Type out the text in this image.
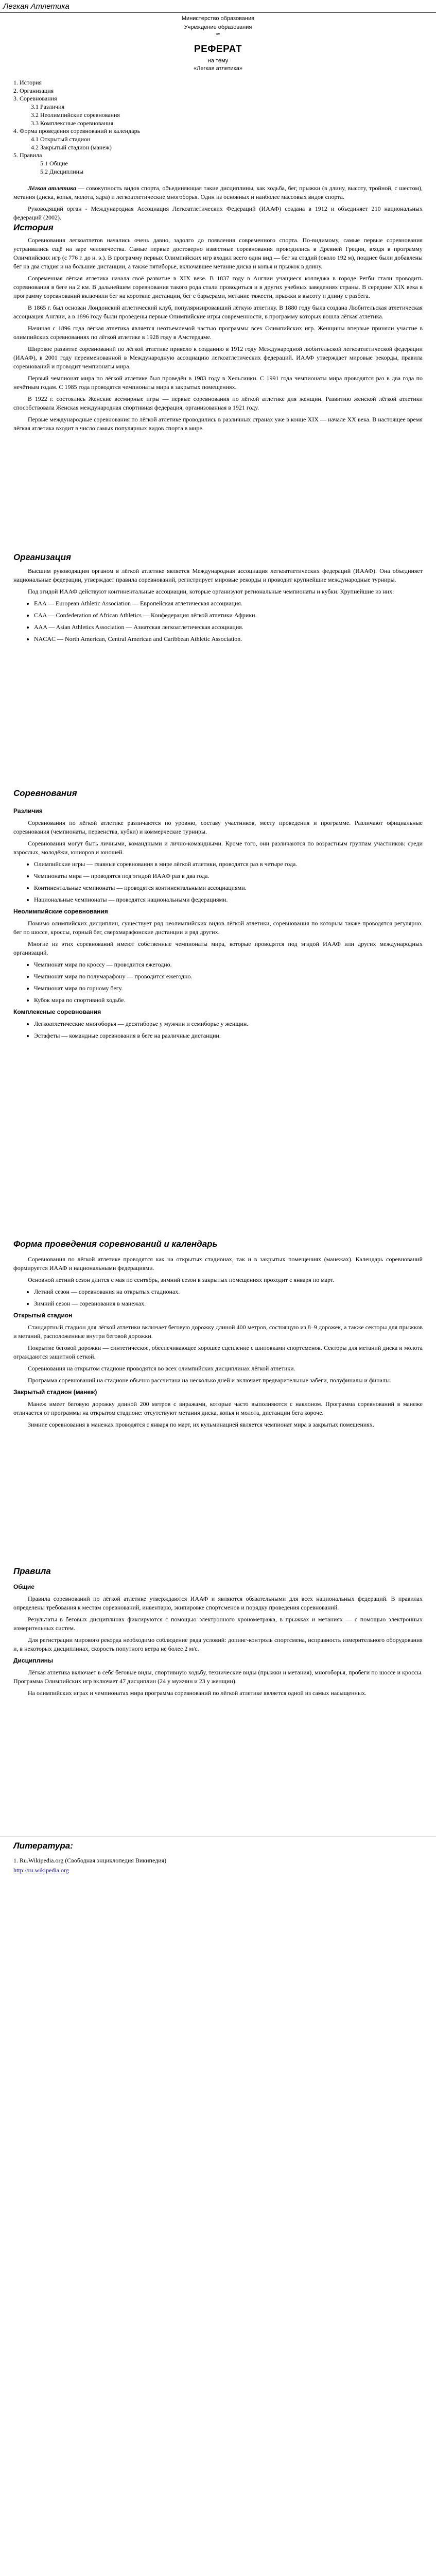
Легкая Атлетика
Министерство образования
Учреждение образования
“”
РЕФЕРАТ
на тему
«Легкая атлетика»
1. История
2. Организация
3. Соревнования
3.1 Различия
3.2 Неолимпийские соревнования
3.3 Комплексные соревнования
4. Форма проведения соревнований и календарь
4.1 Открытый стадион
4.2 Закрытый стадион (манеж)
5. Правила
5.1 Общие
5.2 Дисциплины

Лёгкая атлетика — совокупность видов спорта, объединяющая такие дисциплины, как ходьба, бег, прыжки (в длину, высоту, тройной, с шестом), метания (диска, копья, молота, ядра) и легкоатлетические многоборья. Один из основных и наиболее массовых видов спорта.

Руководящий орган - Международная Ассоциация Легкоатлетических Федераций (ИААФ) создана в 1912 и объединяет 210 национальных федераций (2002).

История

Соревнования легкоатлетов начались очень давно, задолго до появления современного спорта. По-видимому, самые первые соревнования устраивались ещё на заре человечества. Самые первые достоверно известные соревнования проводились в Древней Греции, входя в программу Олимпийских игр (с 776 г. до н. э.). В программу первых Олимпийских игр входил всего один вид — бег на стадий (около 192 м), позднее были добавлены бег на два стадия и на большие дистанции, а также пятиборье, включавшее метание диска и копья и прыжок в длину.

Современная лёгкая атлетика начала своё развитие в XIX веке. В 1837 году в Англии учащиеся колледжа в городе Регби стали проводить соревнования в беге на 2 км. В дальнейшем соревнования такого рода стали проводиться и в других учебных заведениях страны. В середине XIX века в программу соревнований включили бег на короткие дистанции, бег с барьерами, метание тяжести, прыжки в высоту и длину с разбега.

В 1865 г. был основан Лондонский атлетический клуб, популяризировавший лёгкую атлетику. В 1880 году была создана Любительская атлетическая ассоциация Англии, а в 1896 году были проведены первые Олимпийские игры современности, в программу которых вошла лёгкая атлетика.

Начиная с 1896 года лёгкая атлетика является неотъемлемой частью программы всех Олимпийских игр. Женщины впервые приняли участие в олимпийских соревнованиях по лёгкой атлетике в 1928 году в Амстердаме.

Широкое развитие соревнований по лёгкой атлетике привело к созданию в 1912 году Международной любительской легкоатлетической федерации (ИААФ), в 2001 году переименованной в Международную ассоциацию легкоатлетических федераций. ИААФ утверждает мировые рекорды, правила соревнований и проводит чемпионаты мира.

Первый чемпионат мира по лёгкой атлетике был проведён в 1983 году в Хельсинки. С 1991 года чемпионаты мира проводятся раз в два года по нечётным годам. С 1985 года проводятся чемпионаты мира в закрытых помещениях.

В 1922 г. состоялись Женские всемирные игры — первые соревнования по лёгкой атлетике для женщин. Развитию женской лёгкой атлетики способствовала Женская международная спортивная федерация, организованная в 1921 году.

Первые международные соревнования по лёгкой атлетике проводились в различных странах уже в конце XIX — начале XX века. В настоящее время лёгкая атлетика входит в число самых популярных видов спорта в мире.

Организация

Высшим руководящим органом в лёгкой атлетике является Международная ассоциация легкоатлетических федераций (ИААФ). Она объединяет национальные федерации, утверждает правила соревнований, регистрирует мировые рекорды и проводит крупнейшие международные турниры.

Под эгидой ИААФ действуют континентальные ассоциации, которые организуют региональные чемпионаты и кубки. Крупнейшие из них:

• EAA — European Athletic Association — Европейская атлетическая ассоциация.
• CAA — Confederation of African Athletics — Конфедерация лёгкой атлетики Африки.
• AAA — Asian Athletics Association — Азиатская легкоатлетическая ассоциация.
• NACAC — North American, Central American and Caribbean Athletic Association.
Соревнования
Различия

Соревнования по лёгкой атлетике различаются по уровню, составу участников, месту проведения и программе. Различают официальные соревнования (чемпионаты, первенства, кубки) и коммерческие турниры.

Соревнования могут быть личными, командными и лично-командными. Кроме того, они различаются по возрастным группам участников: среди взрослых, молодёжи, юниоров и юношей.

• Олимпийские игры — главные соревнования в мире лёгкой атлетики, проводятся раз в четыре года.
• Чемпионаты мира — проводятся под эгидой ИААФ раз в два года.
• Континентальные чемпионаты — проводятся континентальными ассоциациями.
• Национальные чемпионаты — проводятся национальными федерациями.
Неолимпийские соревнования

Помимо олимпийских дисциплин, существует ряд неолимпийских видов лёгкой атлетики, соревнования по которым также проводятся регулярно: бег по шоссе, кроссы, горный бег, сверхмарафонские дистанции и ряд других.

Многие из этих соревнований имеют собственные чемпионаты мира, которые проводятся под эгидой ИААФ или других международных организаций.

• Чемпионат мира по кроссу — проводится ежегодно.
• Чемпионат мира по полумарафону — проводится ежегодно.
• Чемпионат мира по горному бегу.
• Кубок мира по спортивной ходьбе.
Комплексные соревнования
• Легкоатлетические многоборья — десятиборье у мужчин и семиборье у женщин.
• Эстафеты — командные соревнования в беге на различные дистанции.
Форма проведения соревнований и календарь

Соревнования по лёгкой атлетике проводятся как на открытых стадионах, так и в закрытых помещениях (манежах). Календарь соревнований формируется ИААФ и национальными федерациями.

Основной летний сезон длится с мая по сентябрь, зимний сезон в закрытых помещениях проходит с января по март.

• Летний сезон — соревнования на открытых стадионах.
• Зимний сезон — соревнования в манежах.
Открытый стадион

Стандартный стадион для лёгкой атлетики включает беговую дорожку длиной 400 метров, состоящую из 8–9 дорожек, а также секторы для прыжков и метаний, расположенные внутри беговой дорожки.

Покрытие беговой дорожки — синтетическое, обеспечивающее хорошее сцепление с шиповками спортсменов. Секторы для метаний диска и молота ограждаются защитной сеткой.

Соревнования на открытом стадионе проводятся во всех олимпийских дисциплинах лёгкой атлетики.

Программа соревнований на стадионе обычно рассчитана на несколько дней и включает предварительные забеги, полуфиналы и финалы.

Закрытый стадион (манеж)

Манеж имеет беговую дорожку длиной 200 метров с виражами, которые часто выполняются с наклоном. Программа соревнований в манеже отличается от программы на открытом стадионе: отсутствуют метания диска, копья и молота, дистанции бега короче.

Зимние соревнования в манежах проводятся с января по март, их кульминацией является чемпионат мира в закрытых помещениях.

Правила
Общие

Правила соревнований по лёгкой атлетике утверждаются ИААФ и являются обязательными для всех национальных федераций. В правилах определены требования к местам соревнований, инвентарю, экипировке спортсменов и порядку проведения соревнований.

Результаты в беговых дисциплинах фиксируются с помощью электронного хронометража, в прыжках и метаниях — с помощью электронных измерительных систем.

Для регистрации мирового рекорда необходимо соблюдение ряда условий: допинг-контроль спортсмена, исправность измерительного оборудования и, в некоторых дисциплинах, скорость попутного ветра не более 2 м/с.

Дисциплины

Лёгкая атлетика включает в себя беговые виды, спортивную ходьбу, технические виды (прыжки и метания), многоборья, пробеги по шоссе и кроссы. Программа Олимпийских игр включает 47 дисциплин (24 у мужчин и 23 у женщин).

На олимпийских играх и чемпионатах мира программа соревнований по лёгкой атлетике является одной из самых насыщенных.

Литература:
1. Ru.Wikipedia.org (Свободная энциклопедия Википедия)
http://ru.wikipedia.org
